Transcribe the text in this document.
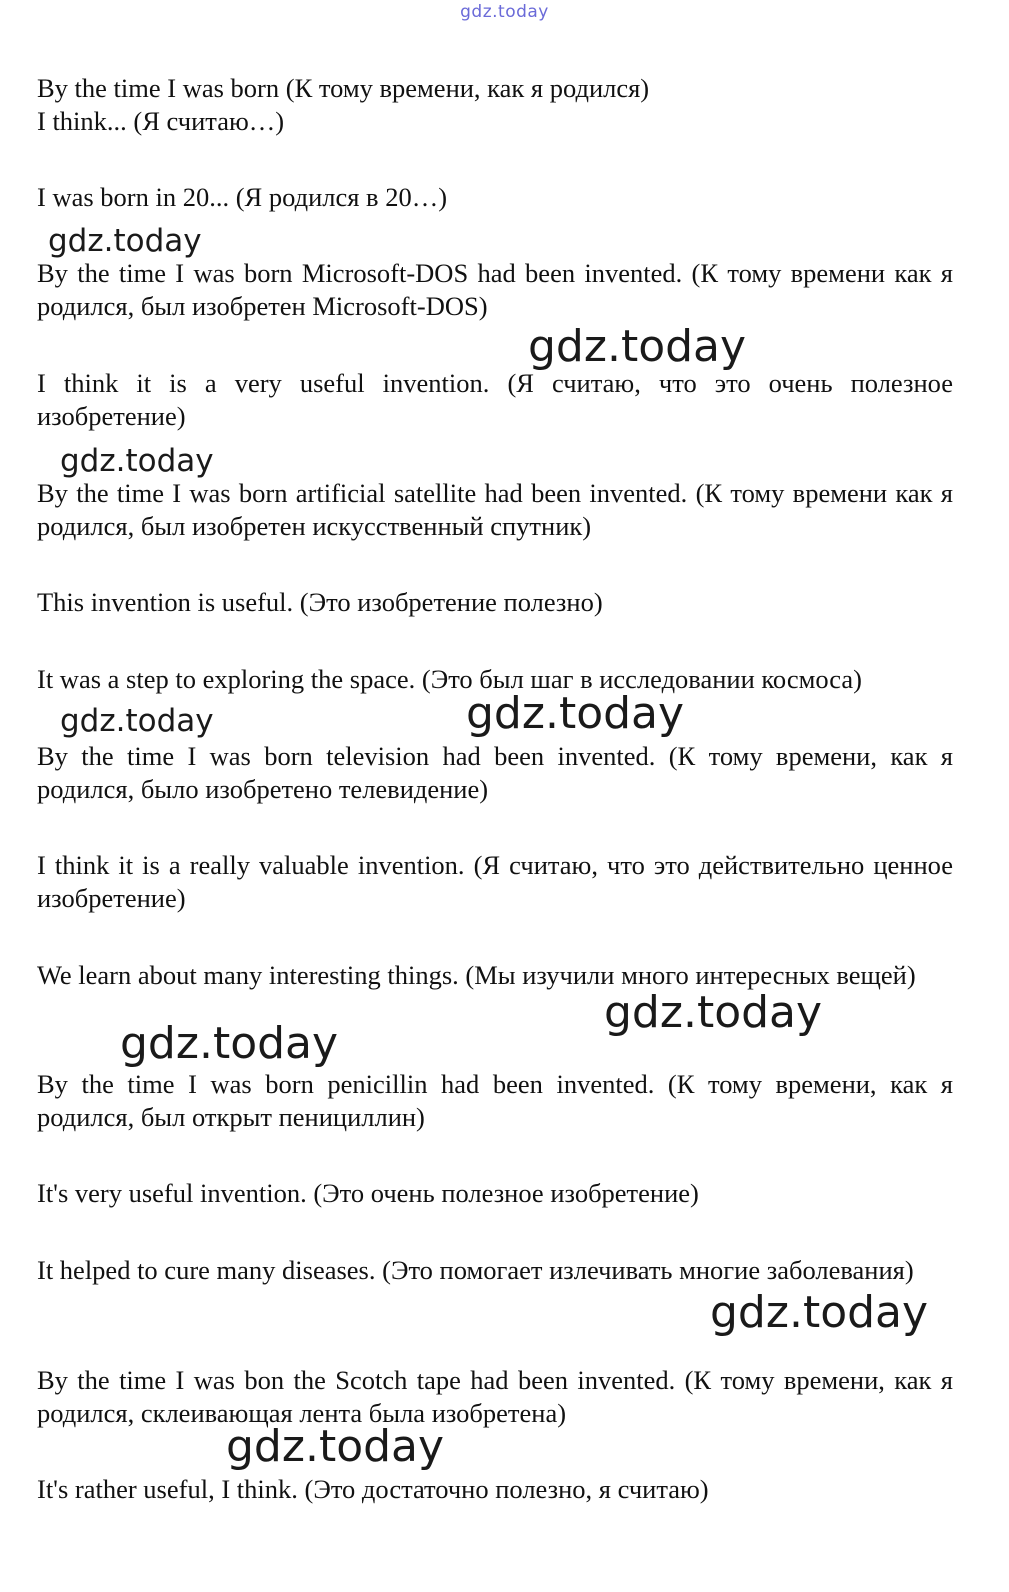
gdz.today
By the time I was born (К тому времени, как я родился)
I think... (Я считаю…)
I was born in 20... (Я родился в 20…)
By the time I was born Microsoft-DOS had been invented. (К тому времени как я родился, был изобретен Microsoft-DOS)
I think it is a very useful invention. (Я считаю, что это очень полезное изобретение)
By the time I was born artificial satellite had been invented. (К тому времени как я родился, был изобретен искусственный спутник)
This invention is useful. (Это изобретение полезно)
It was a step to exploring the space. (Это был шаг в исследовании космоса)
By the time I was born television had been invented. (К тому времени, как я родился, было изобретено телевидение)
I think it is a really valuable invention. (Я считаю, что это действительно ценное изобретение)
We learn about many interesting things. (Мы изучили много интересных вещей)
By the time I was born penicillin had been invented. (К тому времени, как я родился, был открыт пенициллин)
It's very useful invention. (Это очень полезное изобретение)
It helped to cure many diseases. (Это помогает излечивать многие заболевания)
By the time I was bon the Scotch tape had been invented. (К тому времени, как я родился, склеивающая лента была изобретена)
It's rather useful, I think. (Это достаточно полезно, я считаю)
gdz.today
gdz.today
gdz.today
gdz.today	gdz.today
gdz.today
gdz.today
gdz.today
gdz.today
